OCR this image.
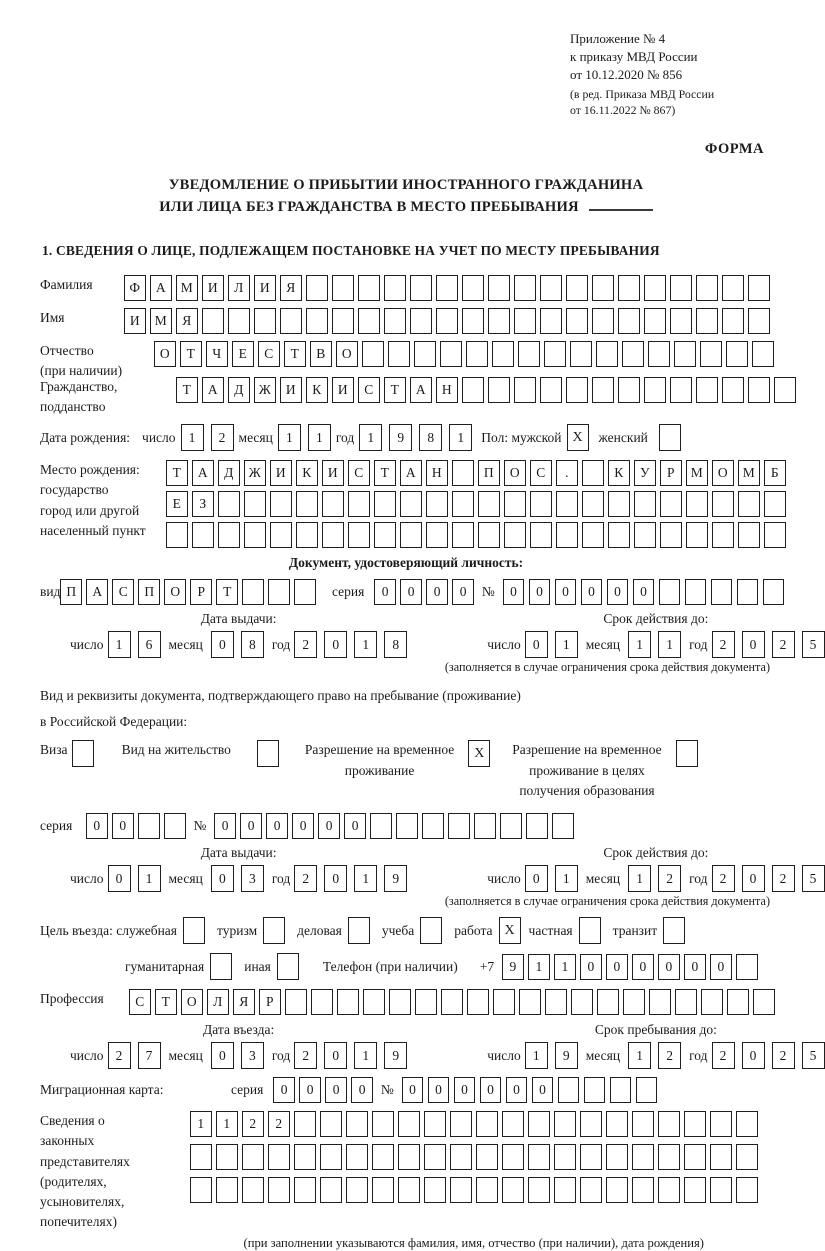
Приложение № 4
к приказу МВД России
от 10.12.2020 № 856
(в ред. Приказа МВД России
от 16.11.2022 № 867)
ФОРМА
УВЕДОМЛЕНИЕ О ПРИБЫТИИ ИНОСТРАННОГО ГРАЖДАНИНА
ИЛИ ЛИЦА БЕЗ ГРАЖДАНСТВА В МЕСТО ПРЕБЫВАНИЯ
1. СВЕДЕНИЯ О ЛИЦЕ, ПОДЛЕЖАЩЕМ ПОСТАНОВКЕ НА УЧЕТ ПО МЕСТУ ПРЕБЫВАНИЯ
Фамилия	Ф	А	М	И	Л	И	Я
Имя	И	М	Я
Отчество
(при наличии)
О	Т	Ч	Е	С	Т	В	О
Гражданство,
подданство
Т	А	Д	Ж	И	К	И	С	Т	А	Н
Дата рождения: число 1	2 месяц 1	1 год 1	9	8	1	Пол: мужской X	женский
Место рождения:
государство
город или другой
населенный пункт
Т	А	Д	Ж	И	К	И	С	Т	А	Н	П	О	С	.	К	У	Р	М	О	М	Б
Е	З
Документ, удостоверяющий личность:
вид П	А	С	П	О	Р	Т	серия	0	0	0	0	№	0	0	0	0	0	0
Дата выдачи:
число 1	6	месяц	0	8	год 2	0	1	8
Срок действия до:
число 0	1	месяц	1	1	год 2	0	2	5
(заполняется в случае ограничения срока действия документа)
Вид и реквизиты документа, подтверждающего право на пребывание (проживание)
в Российской Федерации:
Виза	Вид на жительство	Разрешение на временное
проживание
X	Разрешение на временное
проживание в целях
получения образования
серия	0	0	№	0	0	0	0	0	0
Дата выдачи:
число 0	1	месяц	0	3	год 2	0	1	9
Срок действия до:
число 0	1	месяц	1	2	год 2	0	2	5
(заполняется в случае ограничения срока действия документа)
Цель въезда: служебная	туризм	деловая	учеба	работа X	частная	транзит
гуманитарная	иная	Телефон (при наличии) +7	9	1	1	0	0	0	0	0	0
Профессия	С	Т	О	Л	Я	Р
Дата въезда:
число 2	7	месяц	0	3	год 2	0	1	9
Срок пребывания до:
число 1	9	месяц	1	2	год 2	0	2	5
Миграционная карта:	серия	0	0	0	0	№	0	0	0	0	0	0
Сведения о
законных
представителях
(родителях,
усыновителях,
попечителях)
1	1	2	2
(при заполнении указываются фамилия, имя, отчество (при наличии), дата рождения)
